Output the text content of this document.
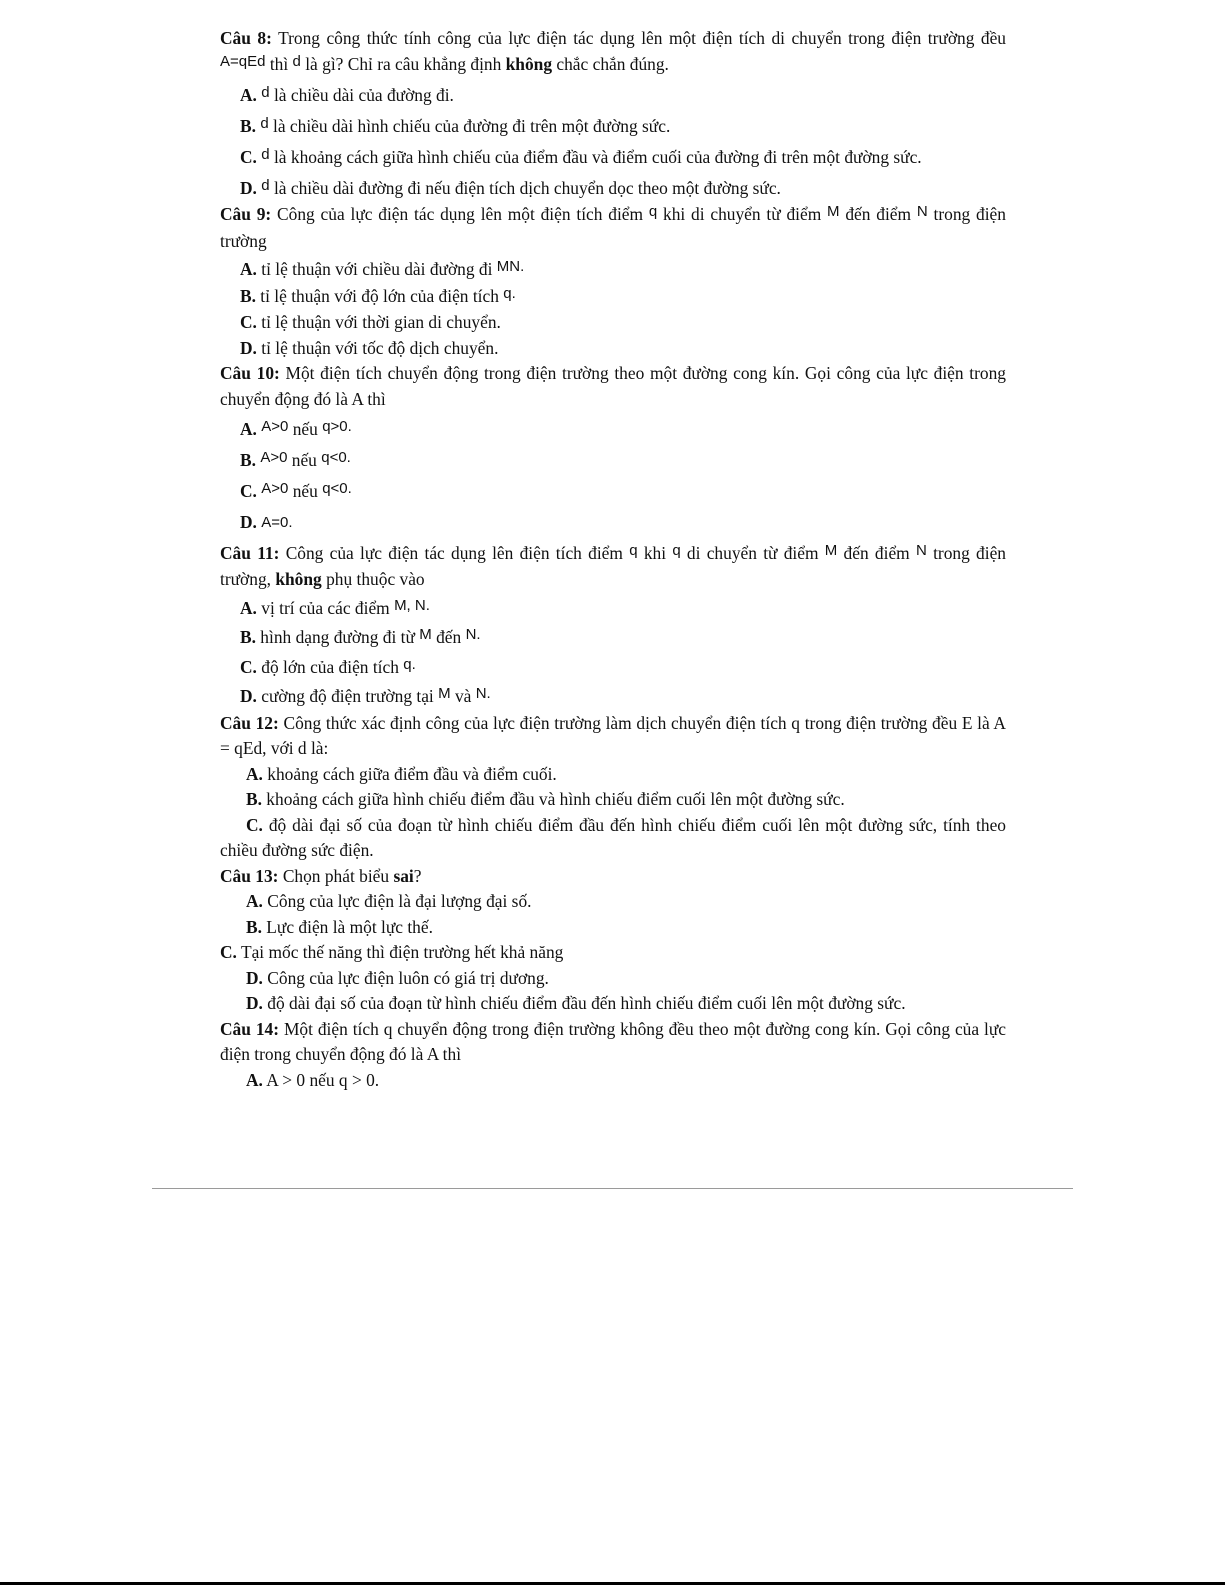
Câu 8: Trong công thức tính công của lực điện tác dụng lên một điện tích di chuyển trong điện trường đều A=qEd thì d là gì? Chỉ ra câu khẳng định không chắc chắn đúng.

A. d là chiều dài của đường đi.

B. d là chiều dài hình chiếu của đường đi trên một đường sức.

C. d là khoảng cách giữa hình chiếu của điểm đầu và điểm cuối của đường đi trên một đường sức.

D. d là chiều dài đường đi nếu điện tích dịch chuyển dọc theo một đường sức.

Câu 9: Công của lực điện tác dụng lên một điện tích điểm q khi di chuyển từ điểm M đến điểm N trong điện trường

A. tỉ lệ thuận với chiều dài đường đi MN.

B. tỉ lệ thuận với độ lớn của điện tích q.

C. tỉ lệ thuận với thời gian di chuyển.

D. tỉ lệ thuận với tốc độ dịch chuyển.

Câu 10: Một điện tích chuyển động trong điện trường theo một đường cong kín. Gọi công của lực điện trong chuyển động đó là A thì

A. A>0 nếu q>0.

B. A>0 nếu q<0.

C. A>0 nếu q<0.

D. A=0.

Câu 11: Công của lực điện tác dụng lên điện tích điểm q khi q di chuyển từ điểm M đến điểm N trong điện trường, không phụ thuộc vào

A. vị trí của các điểm M, N.

B. hình dạng đường đi từ M đến N.

C. độ lớn của điện tích q.

D. cường độ điện trường tại M và N.

Câu 12: Công thức xác định công của lực điện trường làm dịch chuyển điện tích q trong điện trường đều E là A = qEd, với d là:

A. khoảng cách giữa điểm đầu và điểm cuối.

B. khoảng cách giữa hình chiếu điểm đầu và hình chiếu điểm cuối lên một đường sức.

C. độ dài đại số của đoạn từ hình chiếu điểm đầu đến hình chiếu điểm cuối lên một đường sức, tính theo chiều đường sức điện.

Câu 13: Chọn phát biểu sai?

A. Công của lực điện là đại lượng đại số.

B. Lực điện là một lực thế.

C. Tại mốc thế năng thì điện trường hết khả năng

D. Công của lực điện luôn có giá trị dương.

D. độ dài đại số của đoạn từ hình chiếu điểm đầu đến hình chiếu điểm cuối lên một đường sức.

Câu 14: Một điện tích q chuyển động trong điện trường không đều theo một đường cong kín. Gọi công của lực điện trong chuyển động đó là A thì

A. A > 0 nếu q > 0.
